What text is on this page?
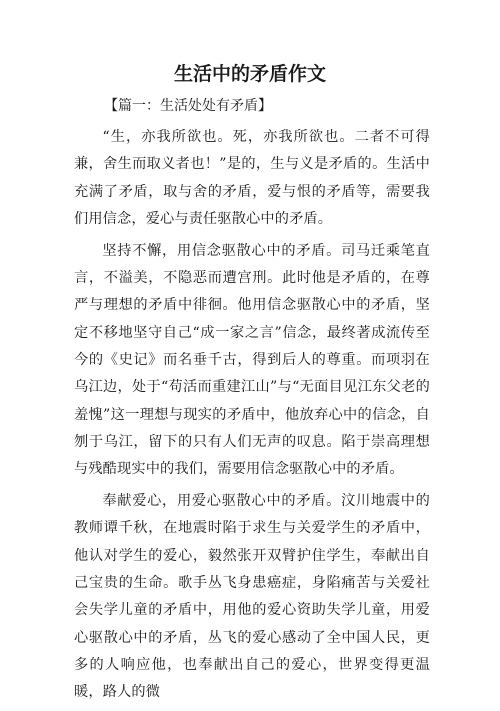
生活中的矛盾作文
【篇一：生活处处有矛盾】

“生，亦我所欲也。死，亦我所欲也。二者不可得兼，舍生而取义者也！”是的，生与义是矛盾的。生活中充满了矛盾，取与舍的矛盾，爱与恨的矛盾等，需要我们用信念，爱心与责任驱散心中的矛盾。

坚持不懈，用信念驱散心中的矛盾。司马迁乘笔直言，不溢美，不隐恶而遭宫刑。此时他是矛盾的，在尊严与理想的矛盾中徘徊。他用信念驱散心中的矛盾，坚定不移地坚守自己“成一家之言”信念，最终著成流传至今的《史记》而名垂千古，得到后人的尊重。而项羽在乌江边，处于“苟活而重建江山”与“无面目见江东父老的羞愧”这一理想与现实的矛盾中，他放弃心中的信念，自刎于乌江，留下的只有人们无声的叹息。陷于崇高理想与残酷现实中的我们，需要用信念驱散心中的矛盾。

奉献爱心，用爱心驱散心中的矛盾。汶川地震中的教师谭千秋，在地震时陷于求生与关爱学生的矛盾中，他认对学生的爱心，毅然张开双臂护住学生，奉献出自己宝贵的生命。歌手丛飞身患癌症，身陷痛苦与关爱社会失学儿童的矛盾中，用他的爱心资助失学儿童，用爱心驱散心中的矛盾，丛飞的爱心感动了全中国人民，更多的人响应他，也奉献出自己的爱心，世界变得更温暖，路人的微
